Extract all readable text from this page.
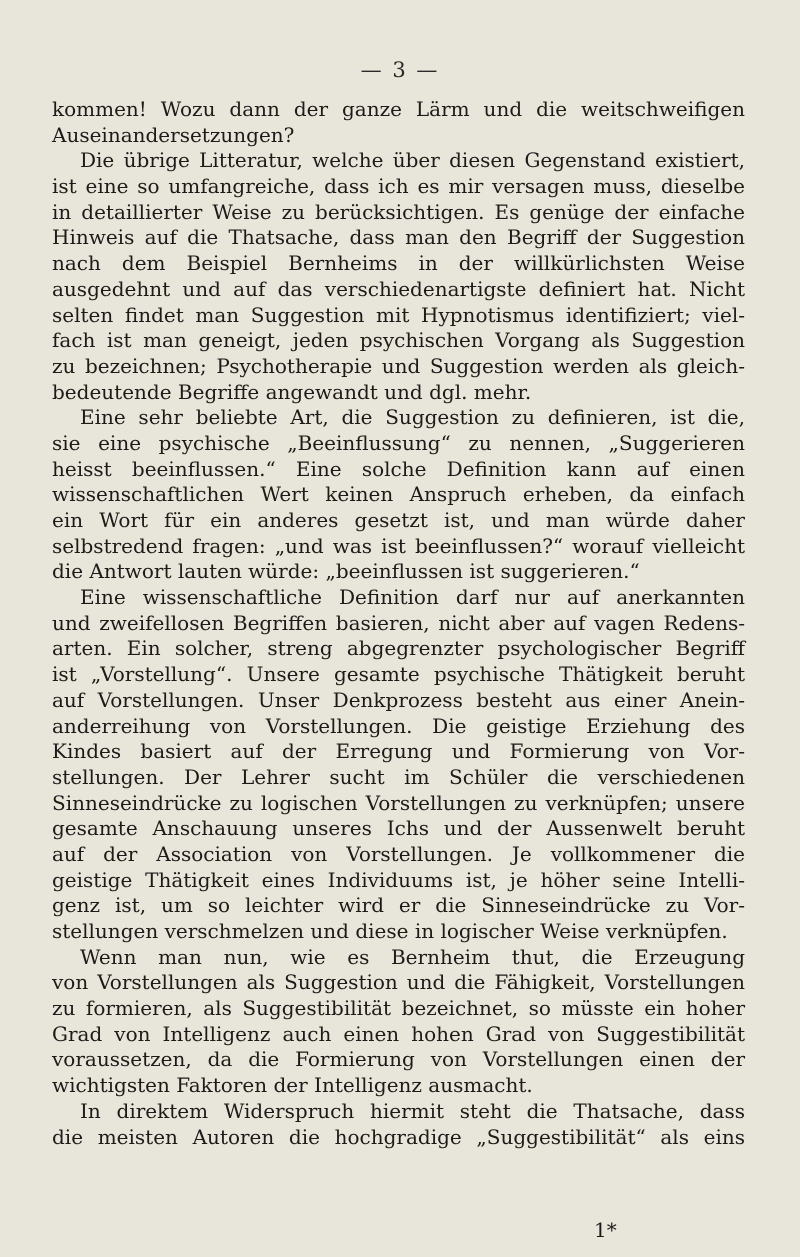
— 3 —
kommen! Wozu dann der ganze Lärm und die weitschweifigen
Auseinandersetzungen?
Die übrige Litteratur, welche über diesen Gegenstand existiert,
ist eine so umfangreiche, dass ich es mir versagen muss, dieselbe
in detaillierter Weise zu berücksichtigen. Es genüge der einfache
Hinweis auf die Thatsache, dass man den Begriff der Suggestion
nach dem Beispiel Bernheims in der willkürlichsten Weise
ausgedehnt und auf das verschiedenartigste definiert hat. Nicht
selten findet man Suggestion mit Hypnotismus identifiziert; viel-
fach ist man geneigt, jeden psychischen Vorgang als Suggestion
zu bezeichnen; Psychotherapie und Suggestion werden als gleich-
bedeutende Begriffe angewandt und dgl. mehr.
Eine sehr beliebte Art, die Suggestion zu definieren, ist die,
sie eine psychische „Beeinflussung“ zu nennen, „Suggerieren
heisst beeinflussen.“ Eine solche Definition kann auf einen
wissenschaftlichen Wert keinen Anspruch erheben, da einfach
ein Wort für ein anderes gesetzt ist, und man würde daher
selbstredend fragen: „und was ist beeinflussen?“ worauf vielleicht
die Antwort lauten würde: „beeinflussen ist suggerieren.“
Eine wissenschaftliche Definition darf nur auf anerkannten
und zweifellosen Begriffen basieren, nicht aber auf vagen Redens-
arten. Ein solcher, streng abgegrenzter psychologischer Begriff
ist „Vorstellung“. Unsere gesamte psychische Thätigkeit beruht
auf Vorstellungen. Unser Denkprozess besteht aus einer Anein-
anderreihung von Vorstellungen. Die geistige Erziehung des
Kindes basiert auf der Erregung und Formierung von Vor-
stellungen. Der Lehrer sucht im Schüler die verschiedenen
Sinneseindrücke zu logischen Vorstellungen zu verknüpfen; unsere
gesamte Anschauung unseres Ichs und der Aussenwelt beruht
auf der Association von Vorstellungen. Je vollkommener die
geistige Thätigkeit eines Individuums ist, je höher seine Intelli-
genz ist, um so leichter wird er die Sinneseindrücke zu Vor-
stellungen verschmelzen und diese in logischer Weise verknüpfen.
Wenn man nun, wie es Bernheim thut, die Erzeugung
von Vorstellungen als Suggestion und die Fähigkeit, Vorstellungen
zu formieren, als Suggestibilität bezeichnet, so müsste ein hoher
Grad von Intelligenz auch einen hohen Grad von Suggestibilität
voraussetzen, da die Formierung von Vorstellungen einen der
wichtigsten Faktoren der Intelligenz ausmacht.
In direktem Widerspruch hiermit steht die Thatsache, dass
die meisten Autoren die hochgradige „Suggestibilität“ als eins
1*
